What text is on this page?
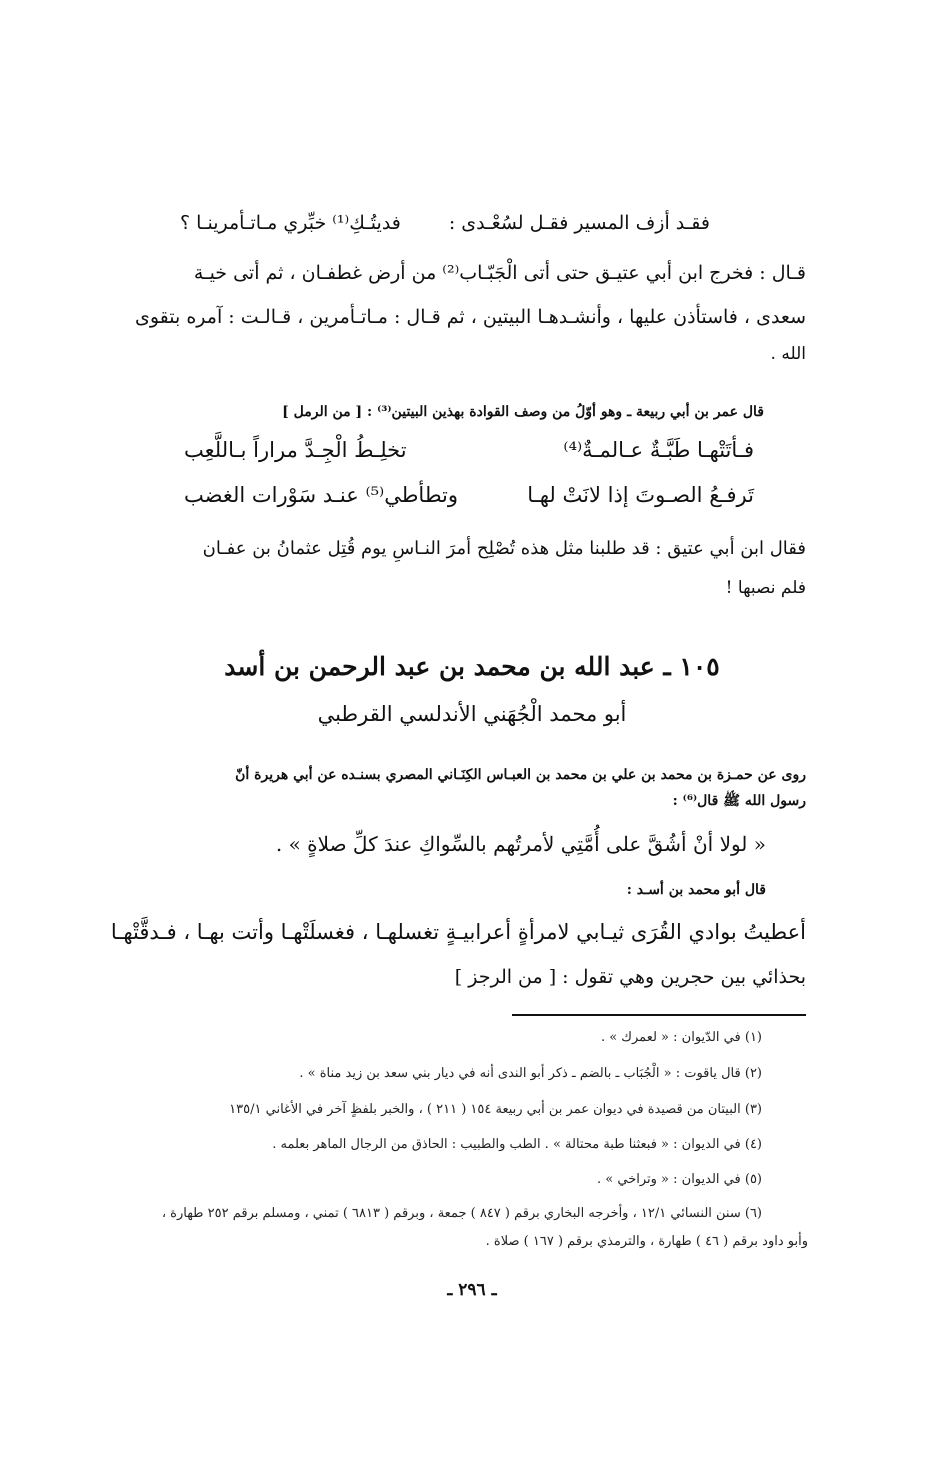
فقـد أزف المسير فقـل لسُعْـدى :
فديتُـكِ⁽¹⁾ خبِّري مـاتـأمرينـا ؟
قـال : فخرج ابن أبي عتيـق حتى أتى الْجَبّـاب⁽²⁾ من أرض غطفـان ، ثم أتى خيـة
سعدى ، فاستأذن عليها ، وأنشـدهـا البيتين ، ثم قـال : مـاتـأمرين ، قـالـت : آمره بتقوى
الله .
قال عمر بن أبي ربيعة ـ وهو أوّلُ من وصف القوادة بهذين البيتين⁽³⁾ : [ من الرمل ]
فـأتَتْهـا طَبَّـةٌ عـالمـةٌ⁽⁴⁾
تخلِـطُ الْجِـدَّ مراراً بـاللَّعِب
تَرفـعُ الصـوتَ إذا لانَتْ لهـا
وتطأطي⁽⁵⁾ عنـد سَوْرات الغضب
فقال ابن أبي عتيق : قد طلبنا مثل هذه تُصْلِح أمرَ النـاسِ يوم قُتِل عثمانُ بن عفـان
فلم نصبها !
١٠٥ ـ عبد الله بن محمد بن عبد الرحمن بن أسد
أبو محمد الْجُهَني الأندلسي القرطبي
روى عن حمـزة بن محمد بن علي بن محمد بن العبـاس الكِنَـاني المصري بسنـده عن أبي هريرة أنّ
رسول الله ﷺ قال⁽⁶⁾ :
« لولا أنْ أشُقَّ على أُمَّتِي لأمرتُهم بالسِّواكِ عندَ كلِّ صلاةٍ » .
قال أبو محمد بن أسـد :
أعطيتُ بوادي القُرَى ثيـابي لامرأةٍ أعرابيـةٍ تغسلهـا ، فغسلَتْهـا وأتت بهـا ، فـدقَّتْهـا
بحذائي بين حجرين وهي تقول : [ من الرجز ]
(١) في الدّيوان : « لعمرك » .
(٢) قال ياقوت : « الْجُبَاب ـ بالضم ـ ذكر أبو الندى أنه في ديار بني سعد بن زيد مناة » .
(٣) البيتان من قصيدة في ديوان عمر بن أبي ربيعة ١٥٤ ( ٢١١ ) ، والخبر بلفظٍ آخر في الأغاني ١٣٥/١
(٤) في الديوان : « فبعثنا طبة محتالة » . الطب والطبيب : الحاذق من الرجال الماهر بعلمه .
(٥) في الديوان : « وتراخي » .
(٦) سنن النسائي ١٢/١ ، وأخرجه البخاري برقم ( ٨٤٧ ) جمعة ، وبرقم ( ٦٨١٣ ) تمني ، ومسلم برقم ٢٥٢ طهارة ،
وأبو داود برقم ( ٤٦ ) طهارة ، والترمذي برقم ( ١٦٧ ) صلاة .
ـ ٢٩٦ ـ
